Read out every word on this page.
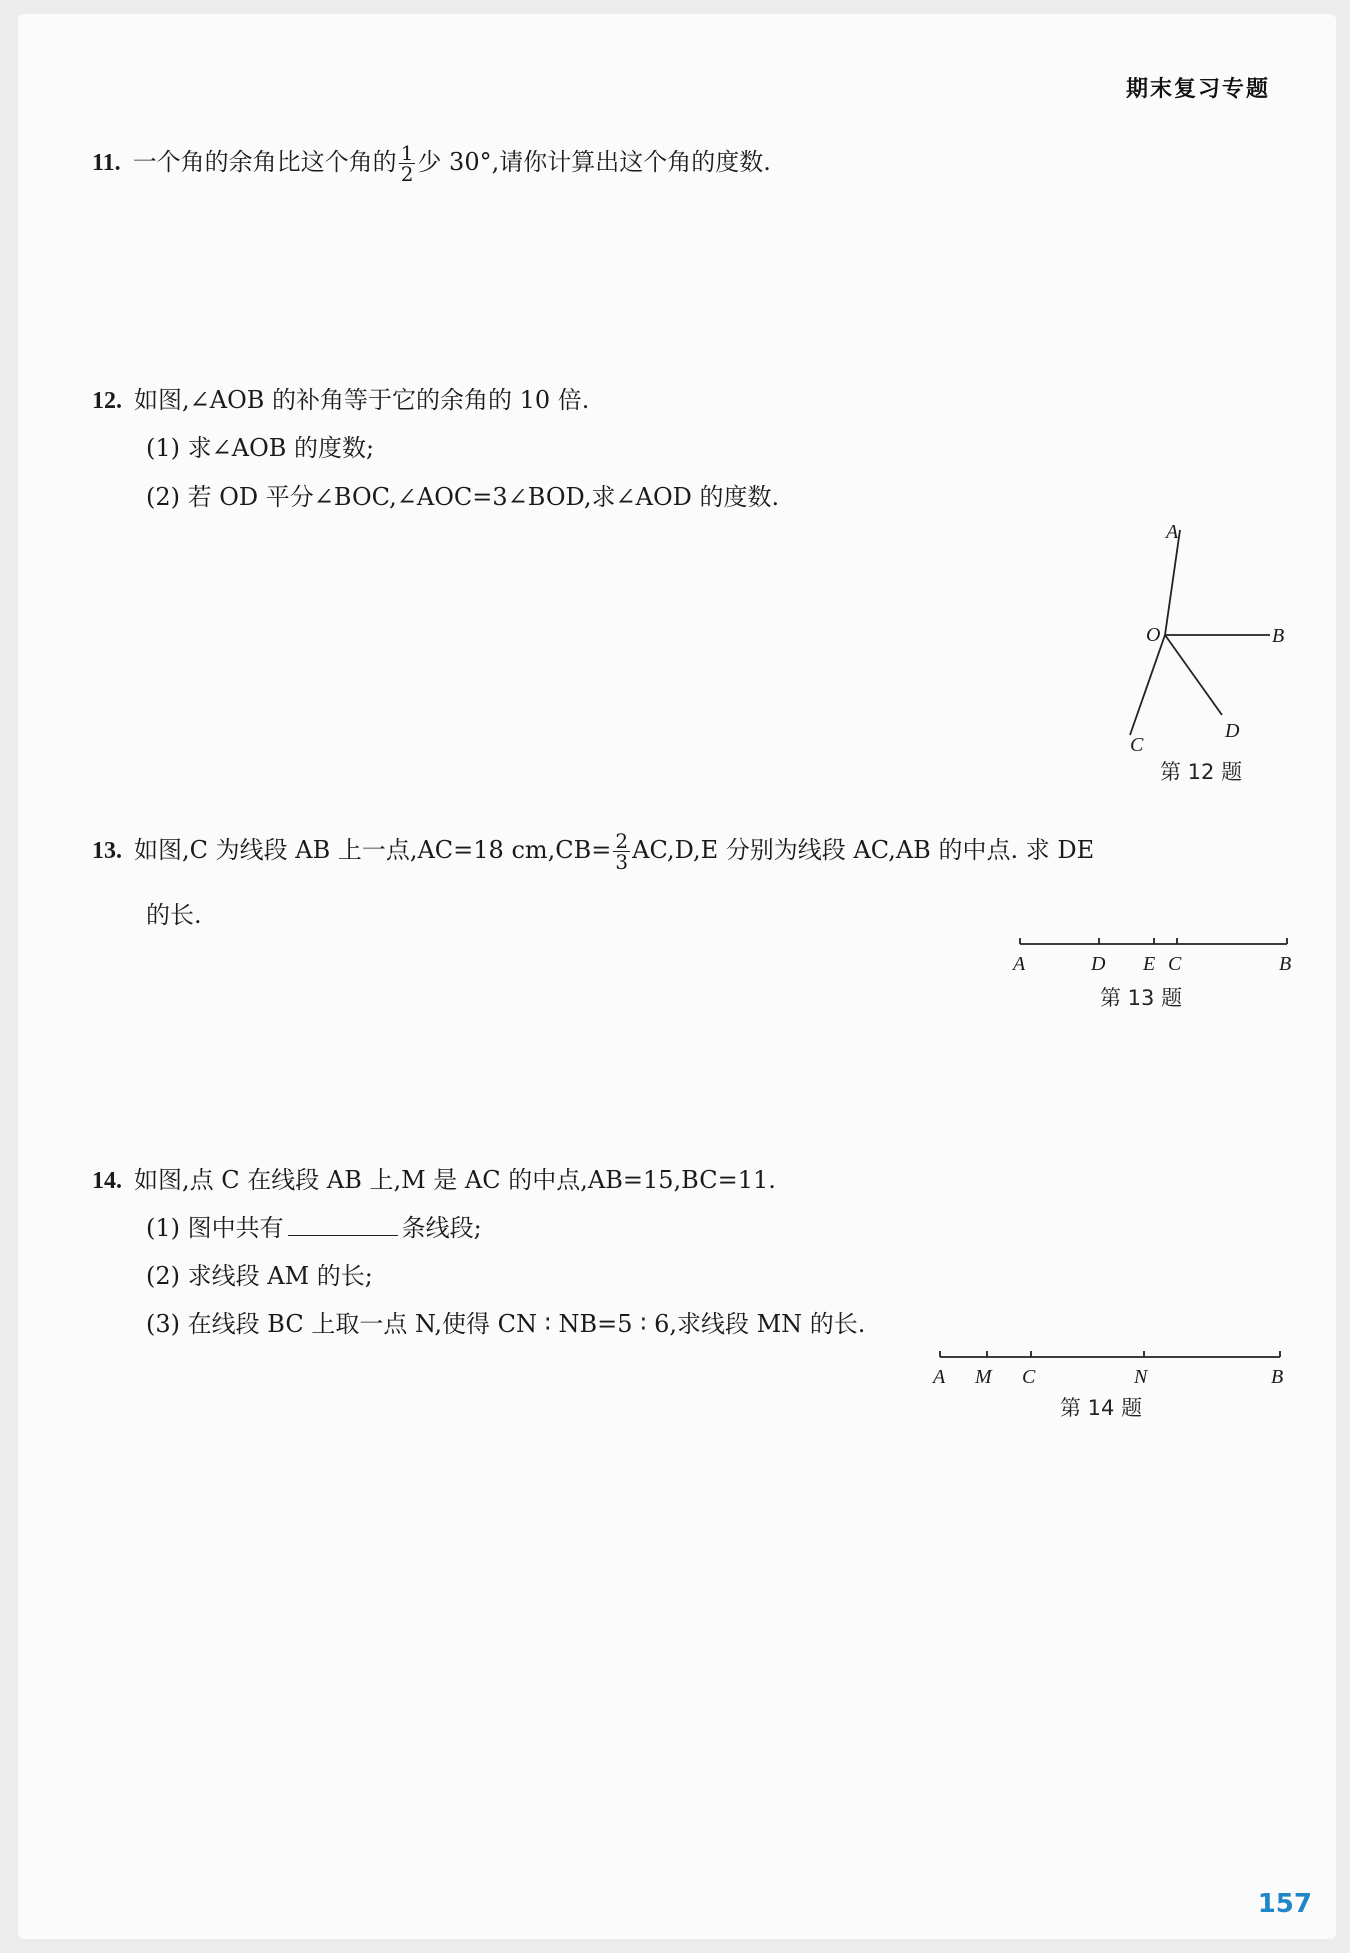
期末复习专题
11. 一个角的余角比这个角的 $\frac{1}{2}$ 少 30°,请你计算出这个角的度数.
12. 如图,∠AOB 的补角等于它的余角的 10 倍.
(1) 求∠AOB 的度数;
(2) 若 OD 平分∠BOC,∠AOC=3∠BOD,求∠AOD 的度数.
A
O	B
C
D
第 12 题
13. 如图,C 为线段 AB 上一点,AC=18 $cm,CB= \frac{2}{3} AC,D,E$ 分别为线段 AC,AB 的中点. 求 DE
的长.
A	D E C	B
第 13 题
14. 如图,点 C 在线段 AB 上,M 是 AC 的中点,AB=15,BC=11.
(1) 图中共有	条线段;
(2) 求线段 AM 的长;
(3) 在线段 BC 上取一点 N,使得 CN ∶ NB=5 ∶ 6,求线段 MN 的长.
A M C	N	B
第 14 题
157
